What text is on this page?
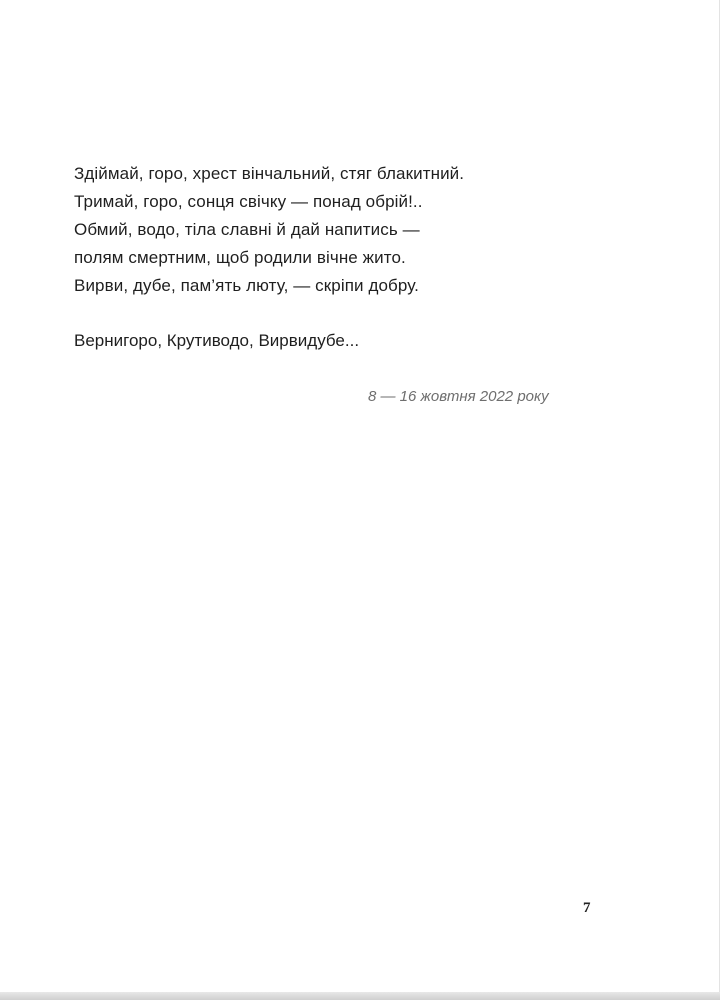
Здіймай, горо, хрест вінчальний, стяг блакитний.
Тримай, горо, сонця свічку — понад обрій!..
Обмий, водо, тіла славні й дай напитись —
полям смертним, щоб родили вічне жито.
Вирви, дубе, пам’ять люту, — скріпи добру.
Вернигоро, Крутиводо, Вирвидубе...
8 — 16 жовтня 2022 року
7
